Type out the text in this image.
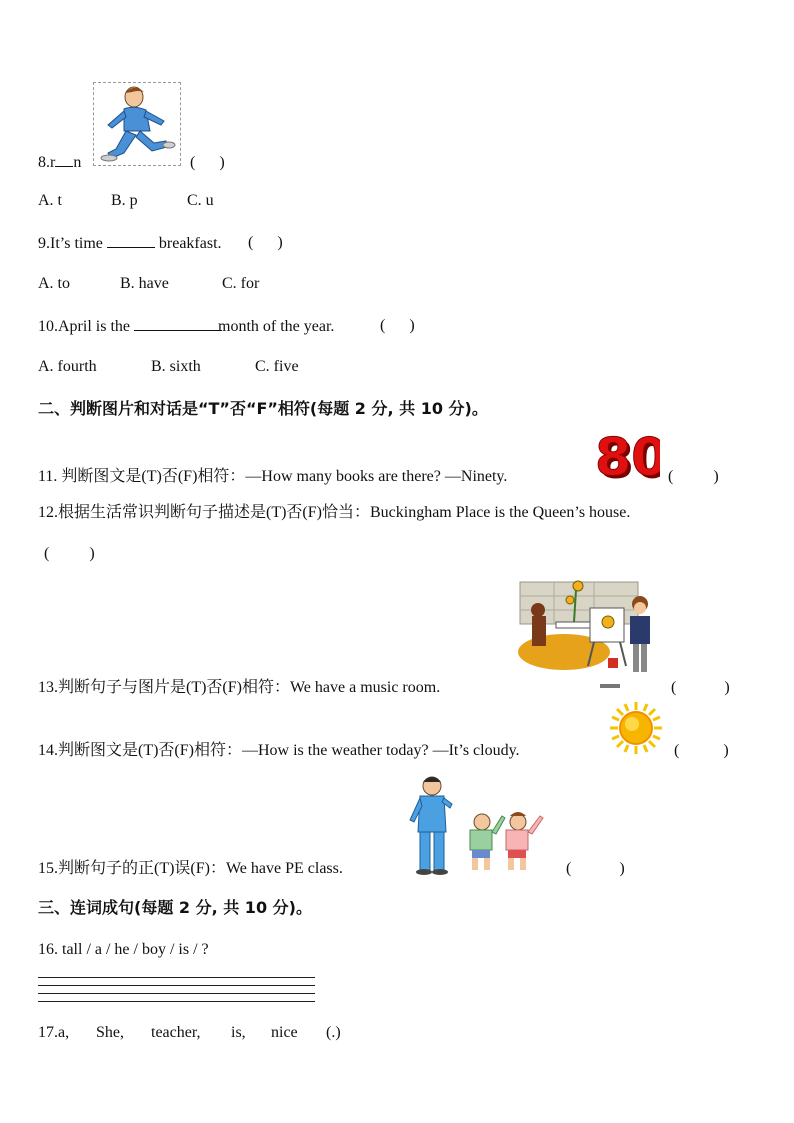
8.r n	(      )
A. t	B. p	C. u
9.It’s time	breakfast. (      )
A. to	B. have	C. for
10.April is the	month of the year.	(      )
A. fourth	B. sixth	C. five
二、判断图片和对话是“T”否“F”相符(每题 2 分, 共 10 分)。
11. 判断图文是(T)否(F)相符：—How many books are there? —Ninety. 80
80 (          )
12.根据生活常识判断句子描述是(T)否(F)恰当：Buckingham Place is the Queen’s house.
(          )
13.判断句子与图片是(T)否(F)相符：We have a music room.	(            )
14.判断图文是(T)否(F)相符：—How is the weather today? —It’s cloudy.	(           )
15.判断句子的正(T)误(F)：We have PE class.	(            )
三、连词成句(每题 2 分, 共 10 分)。
16. tall / a / he / boy / is / ?
17.a, She, teacher, is, nice (.)
